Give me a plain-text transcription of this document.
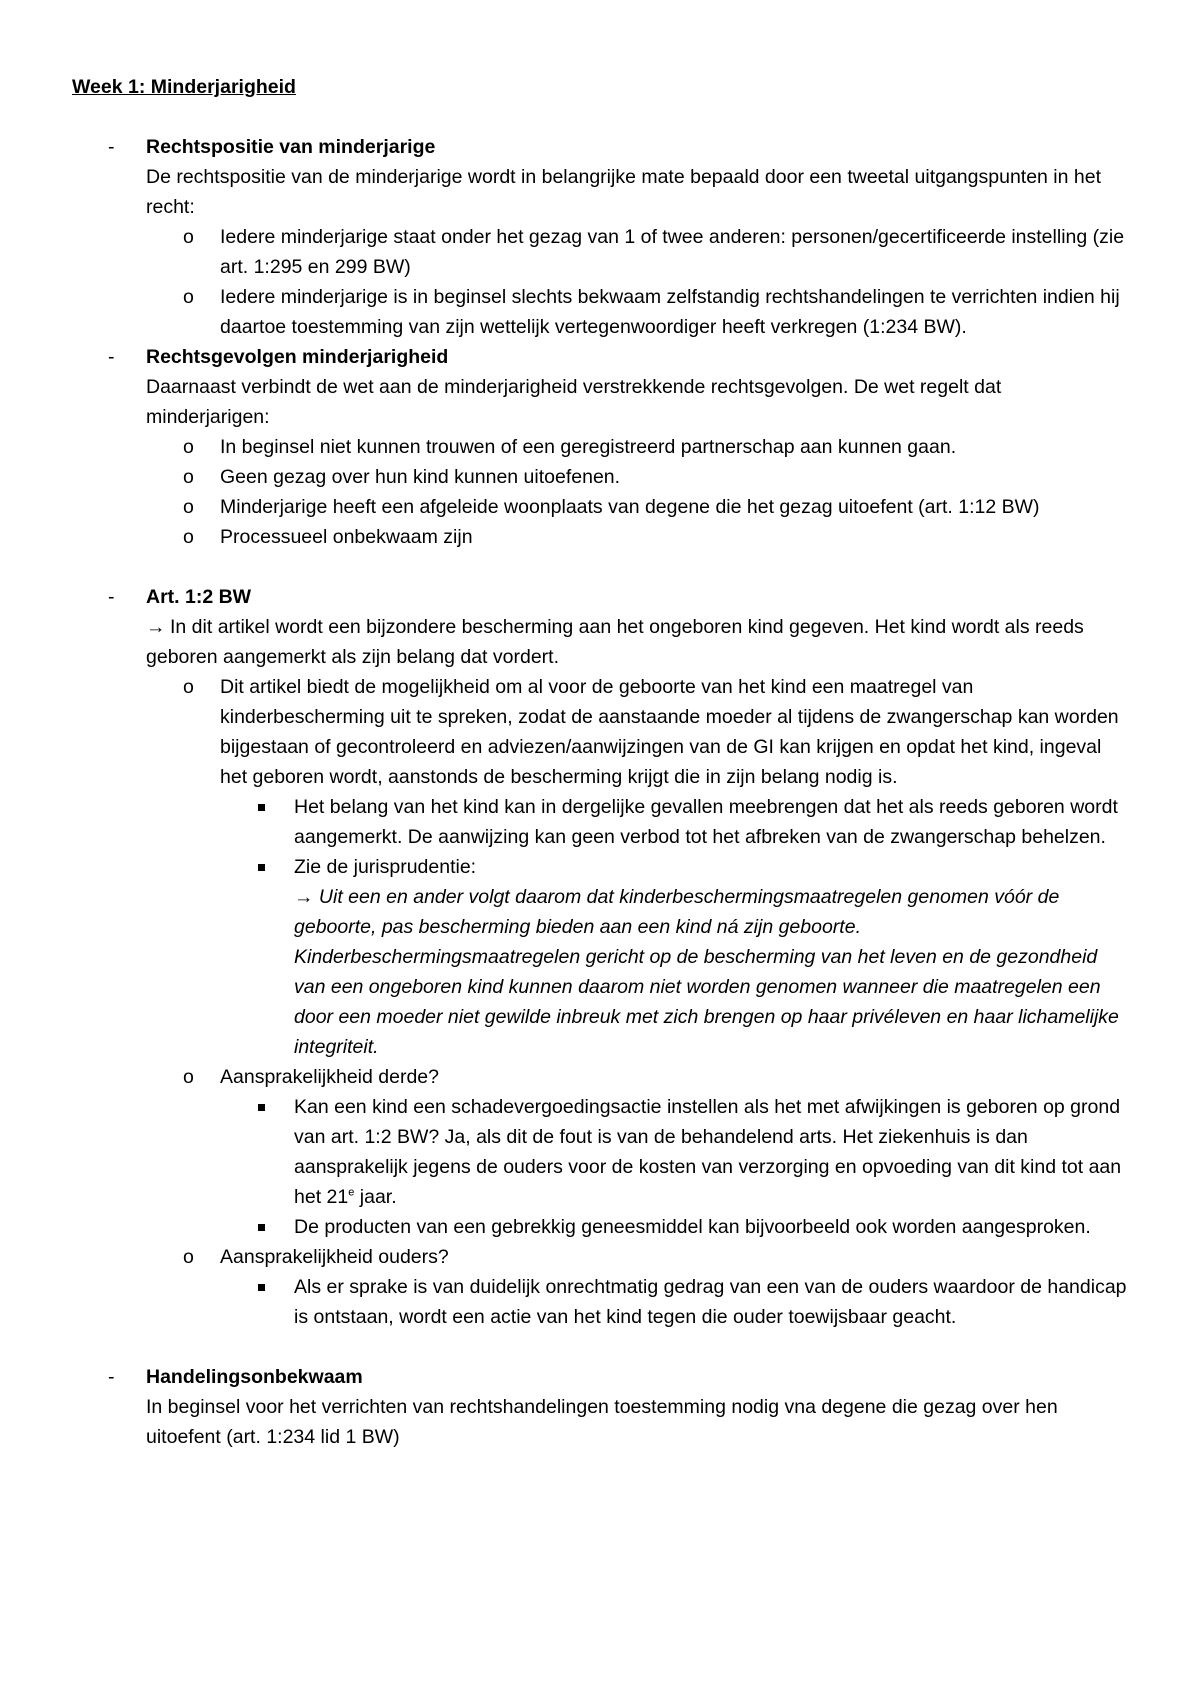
Week 1: Minderjarigheid
-	Rechtspositie van minderjarige
De rechtspositie van de minderjarige wordt in belangrijke mate bepaald door een tweetal uitgangspunten in het recht:
o Iedere minderjarige staat onder het gezag van 1 of twee anderen: personen/gecertificeerde instelling (zie art. 1:295 en 299 BW)
o Iedere minderjarige is in beginsel slechts bekwaam zelfstandig rechtshandelingen te verrichten indien hij daartoe toestemming van zijn wettelijk vertegenwoordiger heeft verkregen (1:234 BW).
-	Rechtsgevolgen minderjarigheid
Daarnaast verbindt de wet aan de minderjarigheid verstrekkende rechtsgevolgen. De wet regelt dat minderjarigen:
o In beginsel niet kunnen trouwen of een geregistreerd partnerschap aan kunnen gaan.
o Geen gezag over hun kind kunnen uitoefenen.
o Minderjarige heeft een afgeleide woonplaats van degene die het gezag uitoefent (art. 1:12 BW)
o Processueel onbekwaam zijn
-	Art. 1:2 BW
→ In dit artikel wordt een bijzondere bescherming aan het ongeboren kind gegeven. Het kind wordt als reeds geboren aangemerkt als zijn belang dat vordert.
o Dit artikel biedt de mogelijkheid om al voor de geboorte van het kind een maatregel van kinderbescherming uit te spreken, zodat de aanstaande moeder al tijdens de zwangerschap kan worden bijgestaan of gecontroleerd en adviezen/aanwijzingen van de GI kan krijgen en opdat het kind, ingeval het geboren wordt, aanstonds de bescherming krijgt die in zijn belang nodig is.
Het belang van het kind kan in dergelijke gevallen meebrengen dat het als reeds geboren wordt aangemerkt. De aanwijzing kan geen verbod tot het afbreken van de zwangerschap behelzen.
Zie de jurisprudentie:
→ Uit een en ander volgt daarom dat kinderbeschermingsmaatregelen genomen vóór de geboorte, pas bescherming bieden aan een kind ná zijn geboorte. Kinderbeschermingsmaatregelen gericht op de bescherming van het leven en de gezondheid van een ongeboren kind kunnen daarom niet worden genomen wanneer die maatregelen een door een moeder niet gewilde inbreuk met zich brengen op haar privéleven en haar lichamelijke integriteit.
o Aansprakelijkheid derde?
Kan een kind een schadevergoedingsactie instellen als het met afwijkingen is geboren op grond van art. 1:2 BW? Ja, als dit de fout is van de behandelend arts. Het ziekenhuis is dan aansprakelijk jegens de ouders voor de kosten van verzorging en opvoeding van dit kind tot aan het 21e jaar.
De producten van een gebrekkig geneesmiddel kan bijvoorbeeld ook worden aangesproken.
o Aansprakelijkheid ouders?
Als er sprake is van duidelijk onrechtmatig gedrag van een van de ouders waardoor de handicap is ontstaan, wordt een actie van het kind tegen die ouder toewijsbaar geacht.
-	Handelingsonbekwaam
In beginsel voor het verrichten van rechtshandelingen toestemming nodig vna degene die gezag over hen uitoefent (art. 1:234 lid 1 BW)
